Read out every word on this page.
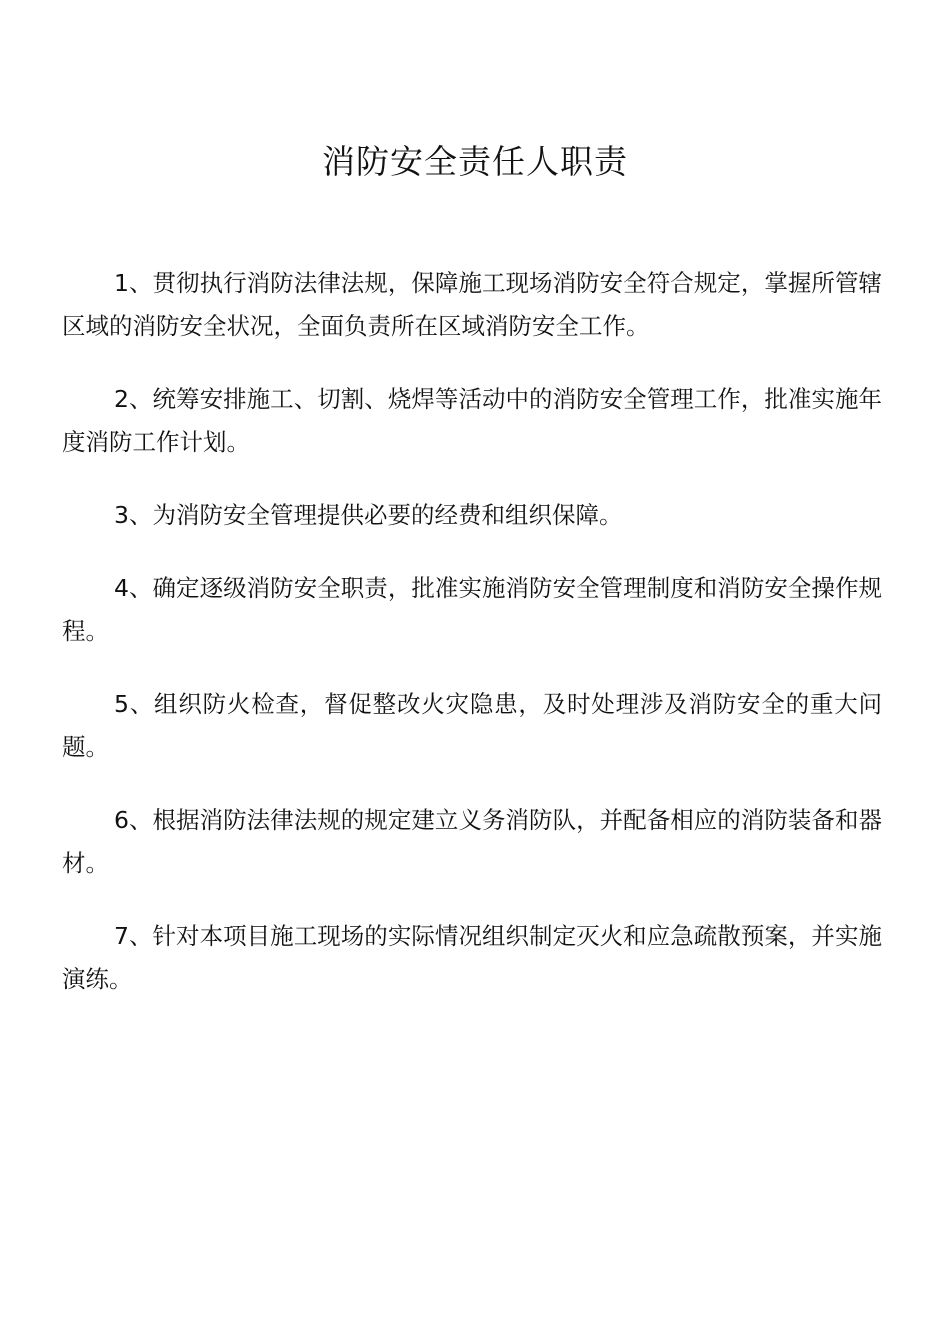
消防安全责任人职责

1、贯彻执行消防法律法规，保障施工现场消防安全符合规定，掌握所管辖区域的消防安全状况，全面负责所在区域消防安全工作。

2、统筹安排施工、切割、烧焊等活动中的消防安全管理工作，批准实施年度消防工作计划。

3、为消防安全管理提供必要的经费和组织保障。

4、确定逐级消防安全职责，批准实施消防安全管理制度和消防安全操作规程。

5、组织防火检查，督促整改火灾隐患，及时处理涉及消防安全的重大问题。

6、根据消防法律法规的规定建立义务消防队，并配备相应的消防装备和器材。

7、针对本项目施工现场的实际情况组织制定灭火和应急疏散预案，并实施演练。
